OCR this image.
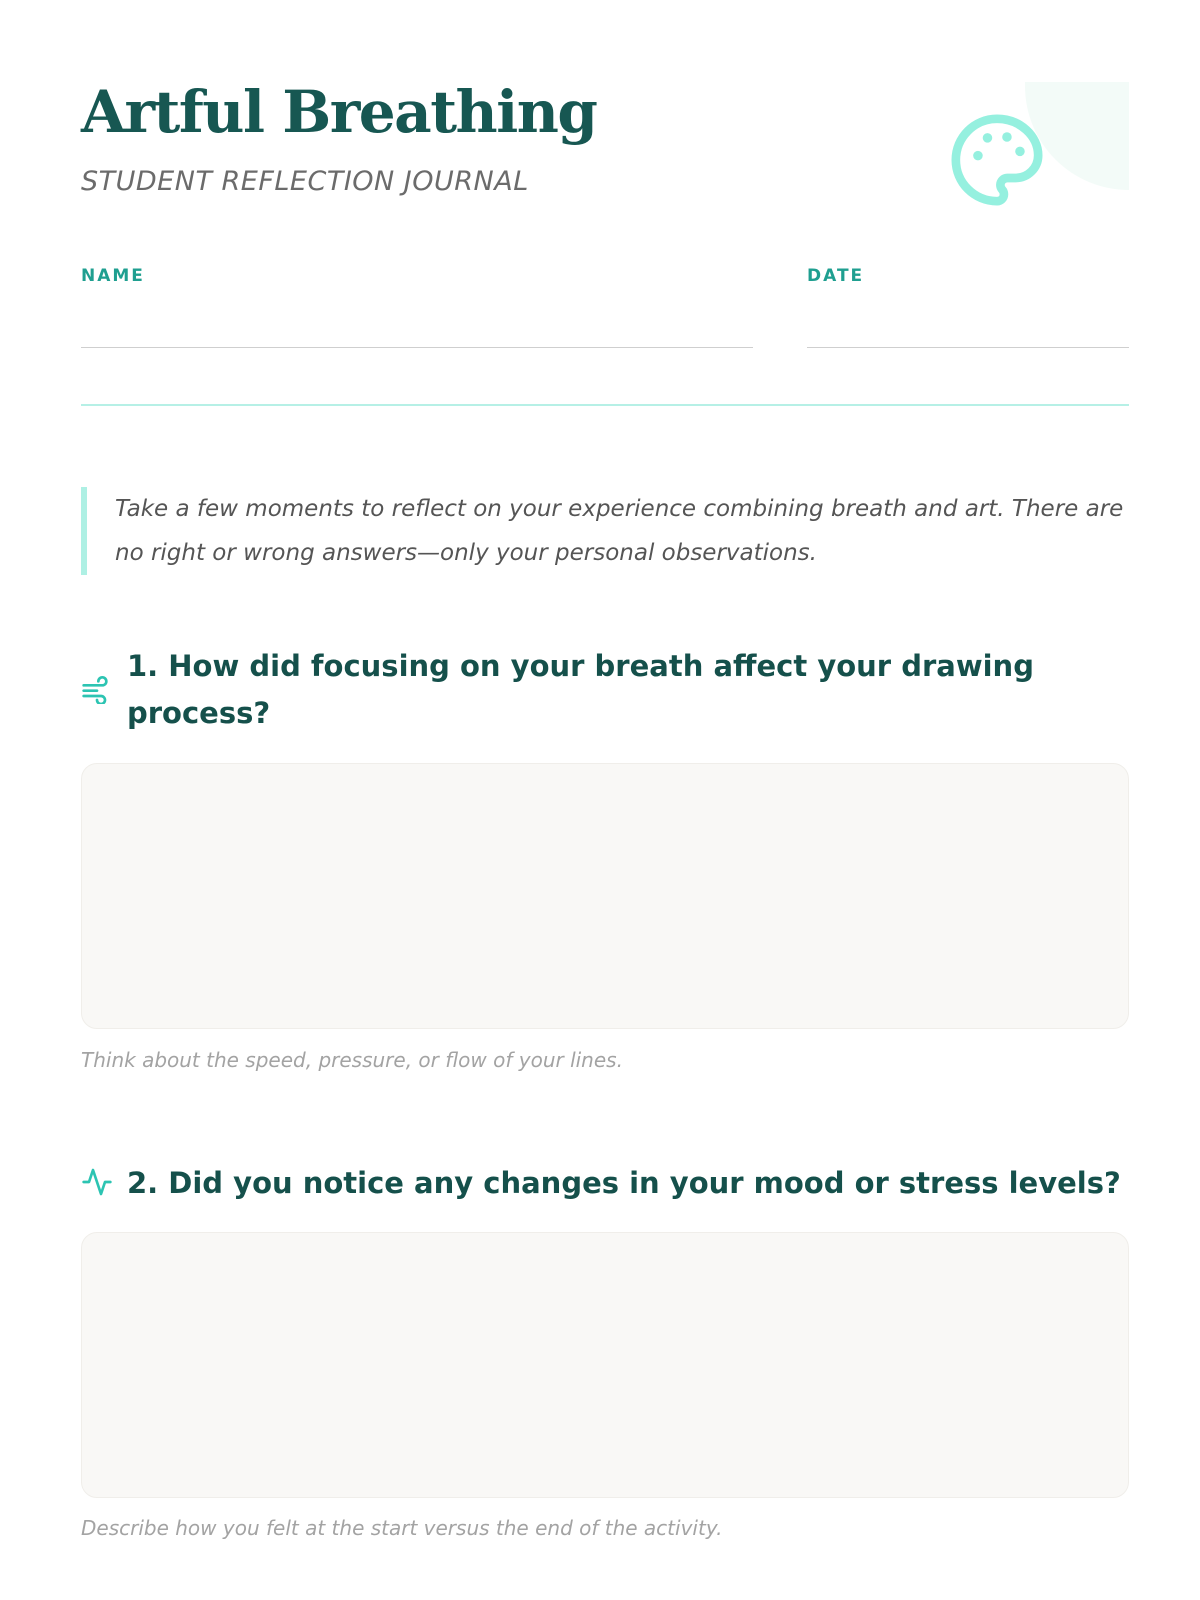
Artful Breathing
STUDENT REFLECTION JOURNAL
NAME	DATE
Take a few moments to reflect on your experience combining breath and art. There are no right or wrong answers—only your personal observations.
1. How did focusing on your breath affect your drawing process?
Think about the speed, pressure, or flow of your lines.
2. Did you notice any changes in your mood or stress levels?
Describe how you felt at the start versus the end of the activity.
